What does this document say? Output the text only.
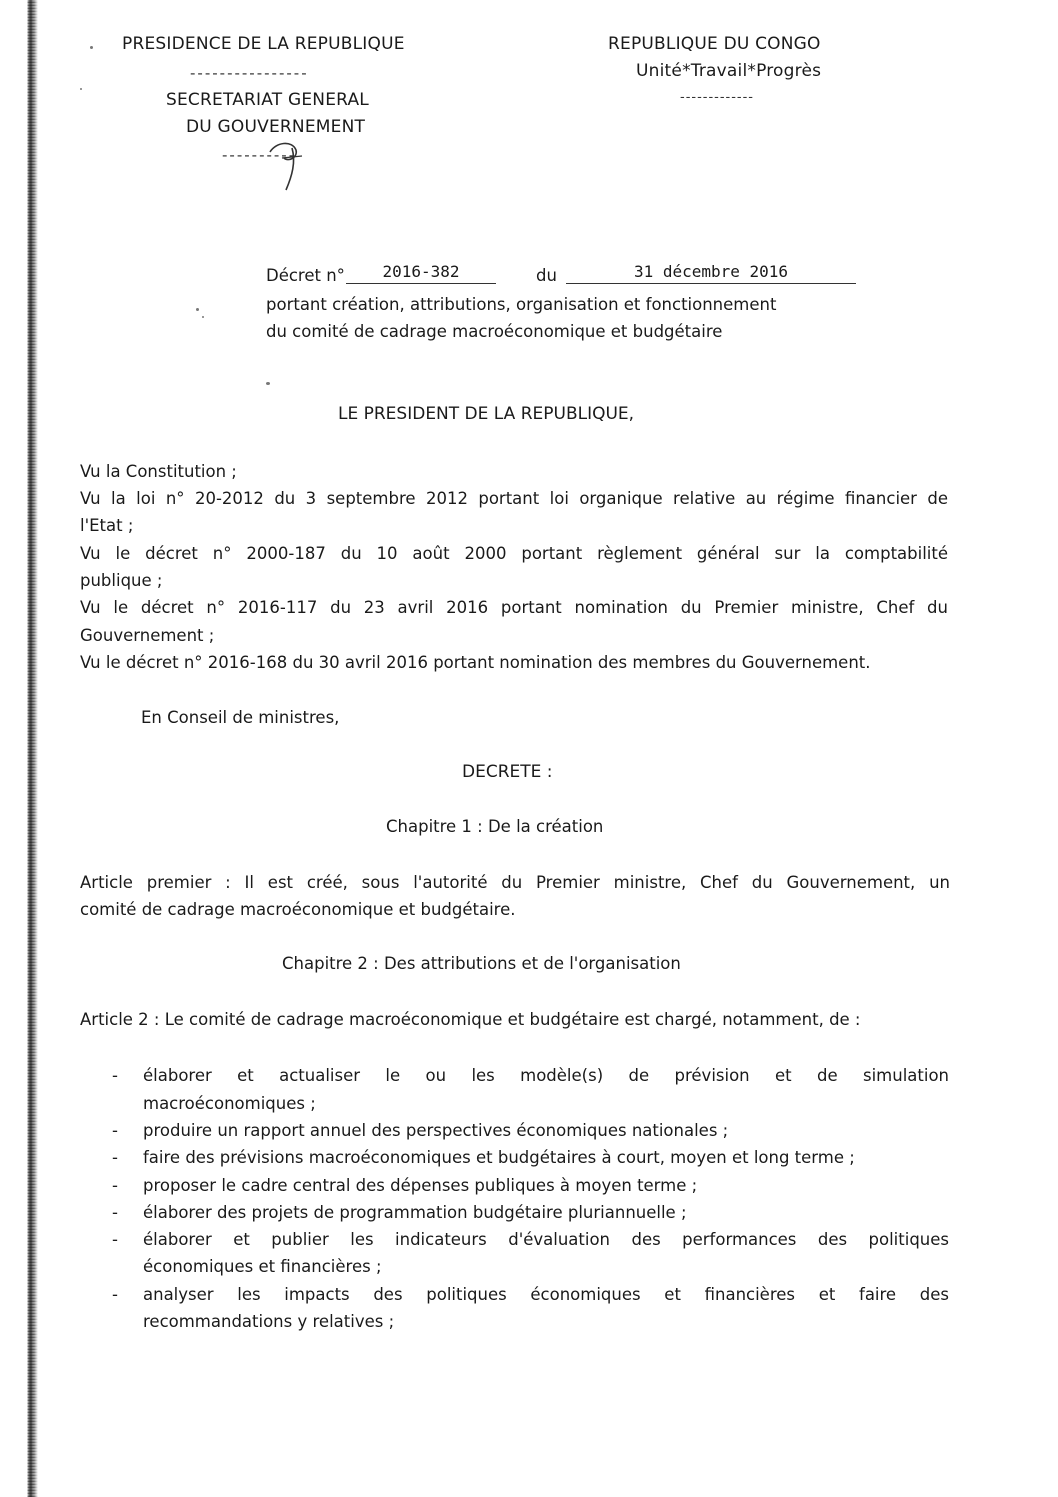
PRESIDENCE DE LA REPUBLIQUE
----------------
SECRETARIAT GENERAL
DU GOUVERNEMENT
----------
REPUBLIQUE DU CONGO
Unité*Travail*Progrès
-------------
Décret n°	2016-382	du	31 décembre 2016
portant création, attributions, organisation et fonctionnement
du comité de cadrage macroéconomique et budgétaire
LE PRESIDENT DE LA REPUBLIQUE,
Vu la Constitution ;
Vu la loi n° 20-2012 du 3 septembre 2012 portant loi organique relative au régime financier de
l'Etat ;
Vu le décret n° 2000-187 du 10 août 2000 portant règlement général sur la comptabilité
publique ;
Vu le décret n° 2016-117 du 23 avril 2016 portant nomination du Premier ministre, Chef du
Gouvernement ;
Vu le décret n° 2016-168 du 30 avril 2016 portant nomination des membres du Gouvernement.
En Conseil de ministres,
DECRETE :
Chapitre 1 : De la création
Article premier : Il est créé, sous l'autorité du Premier ministre, Chef du Gouvernement, un
comité de cadrage macroéconomique et budgétaire.
Chapitre 2 : Des attributions et de l'organisation
Article 2 : Le comité de cadrage macroéconomique et budgétaire est chargé, notamment, de :
- élaborer et actualiser le ou les modèle(s) de prévision et de simulation
macroéconomiques ;
- produire un rapport annuel des perspectives économiques nationales ;
- faire des prévisions macroéconomiques et budgétaires à court, moyen et long terme ;
- proposer le cadre central des dépenses publiques à moyen terme ;
- élaborer des projets de programmation budgétaire pluriannuelle ;
- élaborer et publier les indicateurs d'évaluation des performances des politiques
économiques et financières ;
- analyser les impacts des politiques économiques et financières et faire des
recommandations y relatives ;
